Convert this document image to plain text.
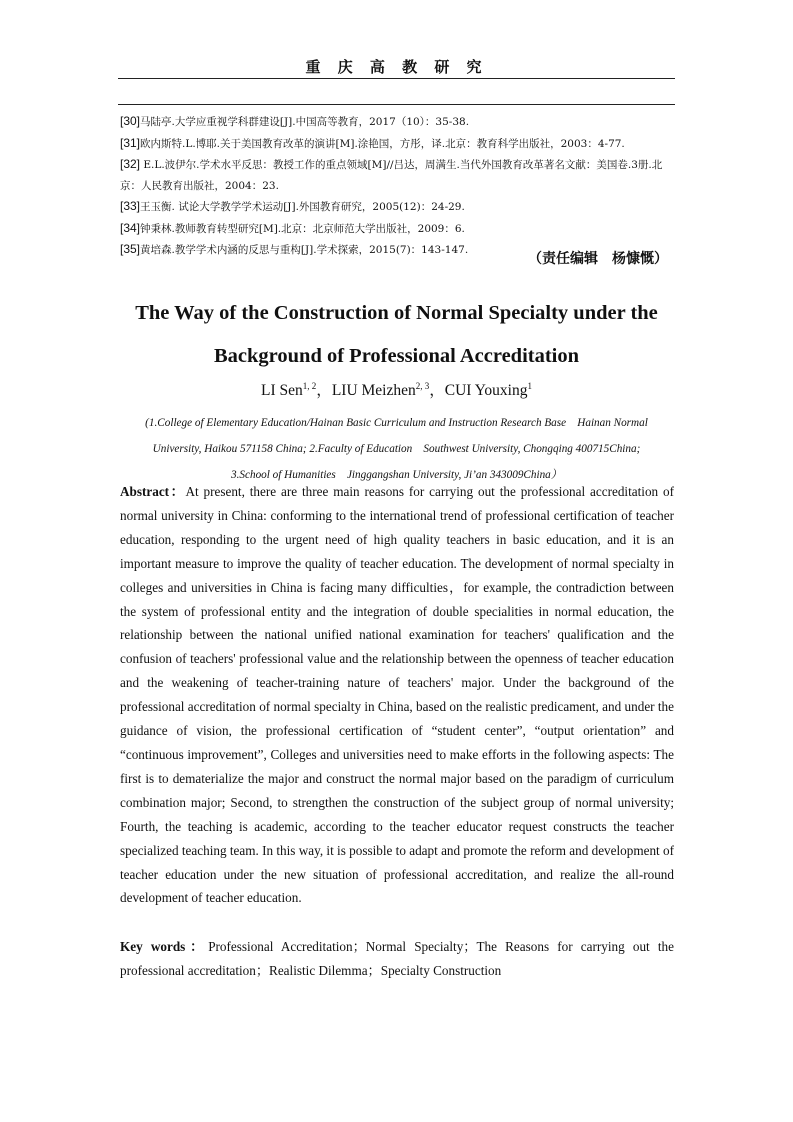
重 庆 高 教 研 究
[30]马陆亭.大学应重视学科群建设[J].中国高等教育，2017（10）：35-38.
[31]欧内斯特.L.博耶.关于美国教育改革的演讲[M].涂艳国，方彤，译.北京：教育科学出版社，2003：4-77.
[32] E.L.波伊尔.学术水平反思：教授工作的重点领域[M]//吕达，周满生.当代外国教育改革著名文献：美国卷.3册.北京：人民教育出版社，2004：23.
[33]王玉衡. 试论大学教学学术运动[J].外国教育研究，2005(12)：24-29.
[34]钟秉林.教师教育转型研究[M].北京：北京师范大学出版社，2009：6.
[35]黄培森.教学学术内涵的反思与重构[J].学术探索，2015(7)：143-147.
（责任编辑　杨慷慨）
The Way of the Construction of Normal Specialty under the
Background of Professional Accreditation
LI Sen$^{1, 2}$，LIU Meizhen$^{2, 3}$，CUI Youxing$^1$
(1.College of Elementary Education/Hainan Basic Curriculum and Instruction Research Base　Hainan Normal
University, Haikou 571158 China; 2.Faculty of Education　Southwest University, Chongqing 400715China;
3.School of Humanities　Jinggangshan University, Ji’an 343009China）

Abstract：At present, there are three main reasons for carrying out the professional accreditation of normal university in China: conforming to the international trend of professional certification of teacher education, responding to the urgent need of high quality teachers in basic education, and it is an important measure to improve the quality of teacher education. The development of normal specialty in colleges and universities in China is facing many difficulties，for example, the contradiction between the system of professional entity and the integration of double specialities in normal education, the relationship between the national unified national examination for teachers' qualification and the confusion of teachers' professional value and the relationship between the openness of teacher education and the weakening of teacher-training nature of teachers' major. Under the background of the professional accreditation of normal specialty in China, based on the realistic predicament, and under the guidance of vision, the professional certification of “student center”, “output orientation” and “continuous improvement”, Colleges and universities need to make efforts in the following aspects: The first is to dematerialize the major and construct the normal major based on the paradigm of curriculum combination major; Second, to strengthen the construction of the subject group of normal university; Fourth, the teaching is academic, according to the teacher educator request constructs the teacher specialized teaching team. In this way, it is possible to adapt and promote the reform and development of teacher education under the new situation of professional accreditation, and realize the all-round development of teacher education.

Key words：Professional Accreditation；Normal Specialty；The Reasons for carrying out the professional accreditation；Realistic Dilemma；Specialty Construction
